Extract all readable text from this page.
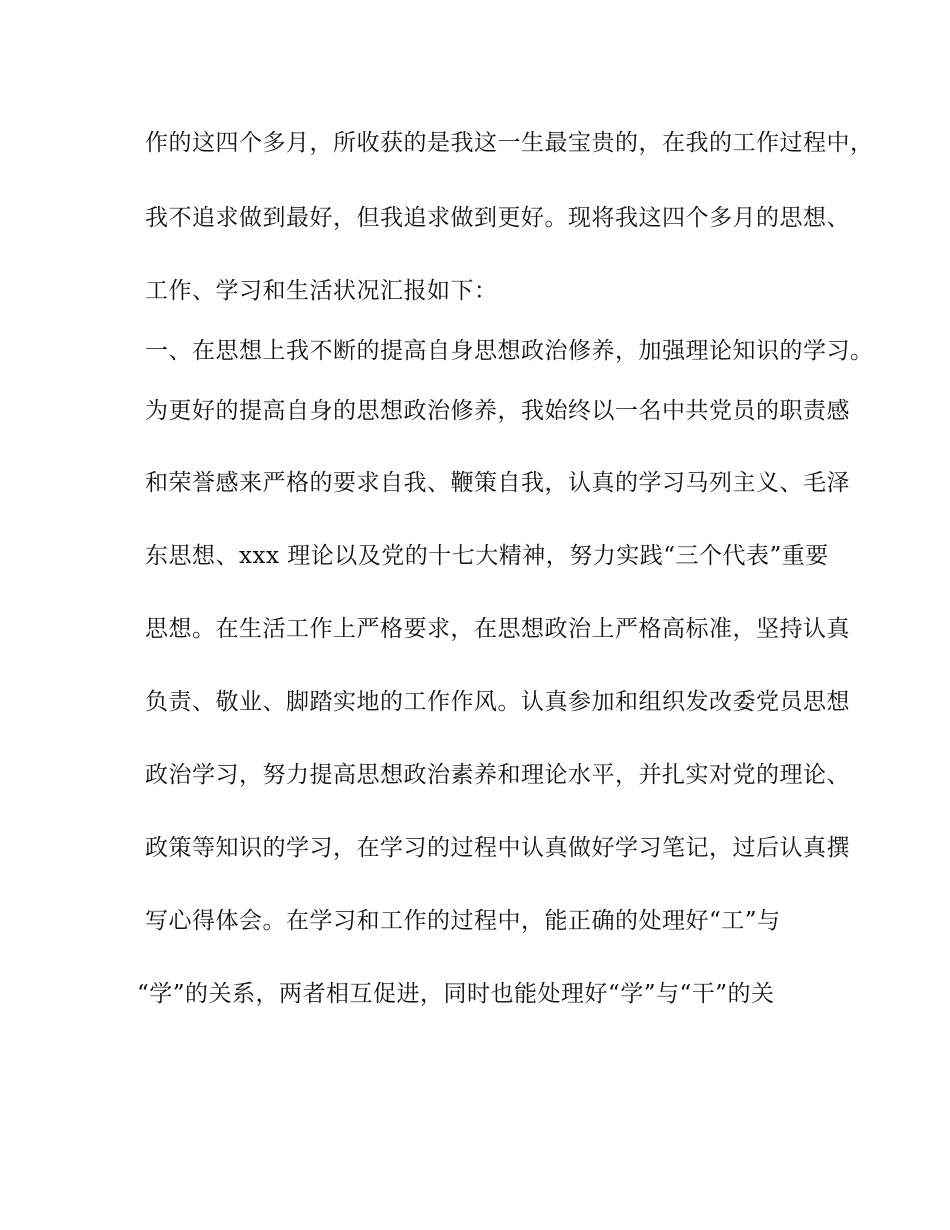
作的这四个多月，所收获的是我这一生最宝贵的，在我的工作过程中，
我不追求做到最好，但我追求做到更好。现将我这四个多月的思想、
工作、学习和生活状况汇报如下：
一、在思想上我不断的提高自身思想政治修养，加强理论知识的学习。
为更好的提高自身的思想政治修养，我始终以一名中共党员的职责感
和荣誉感来严格的要求自我、鞭策自我，认真的学习马列主义、毛泽
东思想、xxx 理论以及党的十七大精神，努力实践“三个代表”重要
思想。在生活工作上严格要求，在思想政治上严格高标准，坚持认真
负责、敬业、脚踏实地的工作作风。认真参加和组织发改委党员思想
政治学习，努力提高思想政治素养和理论水平，并扎实对党的理论、
政策等知识的学习，在学习的过程中认真做好学习笔记，过后认真撰
写心得体会。在学习和工作的过程中，能正确的处理好“工”与
“学”的关系，两者相互促进，同时也能处理好“学”与“干”的关
